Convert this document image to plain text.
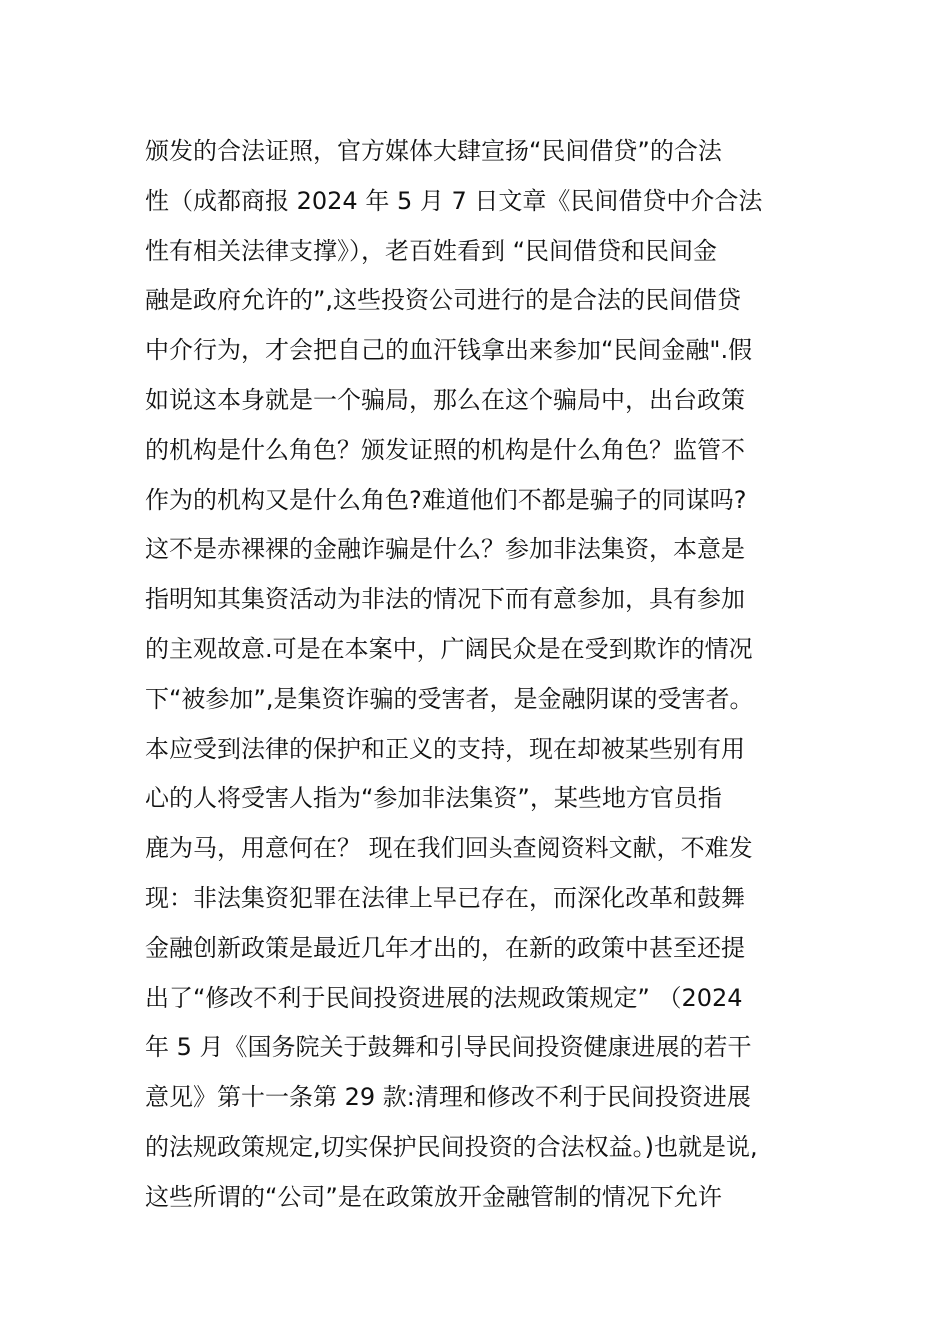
颁发的合法证照，官方媒体大肆宣扬“民间借贷”的合法
性（成都商报 2024 年 5 月 7 日文章《民间借贷中介合法
性有相关法律支撑》），老百姓看到 “民间借贷和民间金
融是政府允许的”,这些投资公司进行的是合法的民间借贷
中介行为，才会把自己的血汗钱拿出来参加“民间金融".假
如说这本身就是一个骗局，那么在这个骗局中，出台政策
的机构是什么角色？颁发证照的机构是什么角色？监管不
作为的机构又是什么角色?难道他们不都是骗子的同谋吗?
这不是赤裸裸的金融诈骗是什么？参加非法集资，本意是
指明知其集资活动为非法的情况下而有意参加，具有参加
的主观故意.可是在本案中，广阔民众是在受到欺诈的情况
下“被参加”,是集资诈骗的受害者，是金融阴谋的受害者。
本应受到法律的保护和正义的支持，现在却被某些别有用
心的人将受害人指为“参加非法集资”，某些地方官员指
鹿为马，用意何在？ 现在我们回头查阅资料文献，不难发
现：非法集资犯罪在法律上早已存在，而深化改革和鼓舞
金融创新政策是最近几年才出的，在新的政策中甚至还提
出了“修改不利于民间投资进展的法规政策规定” （2024
年 5 月《国务院关于鼓舞和引导民间投资健康进展的若干
意见》第十一条第 29 款:清理和修改不利于民间投资进展
的法规政策规定,切实保护民间投资的合法权益。)也就是说,
这些所谓的“公司”是在政策放开金融管制的情况下允许
